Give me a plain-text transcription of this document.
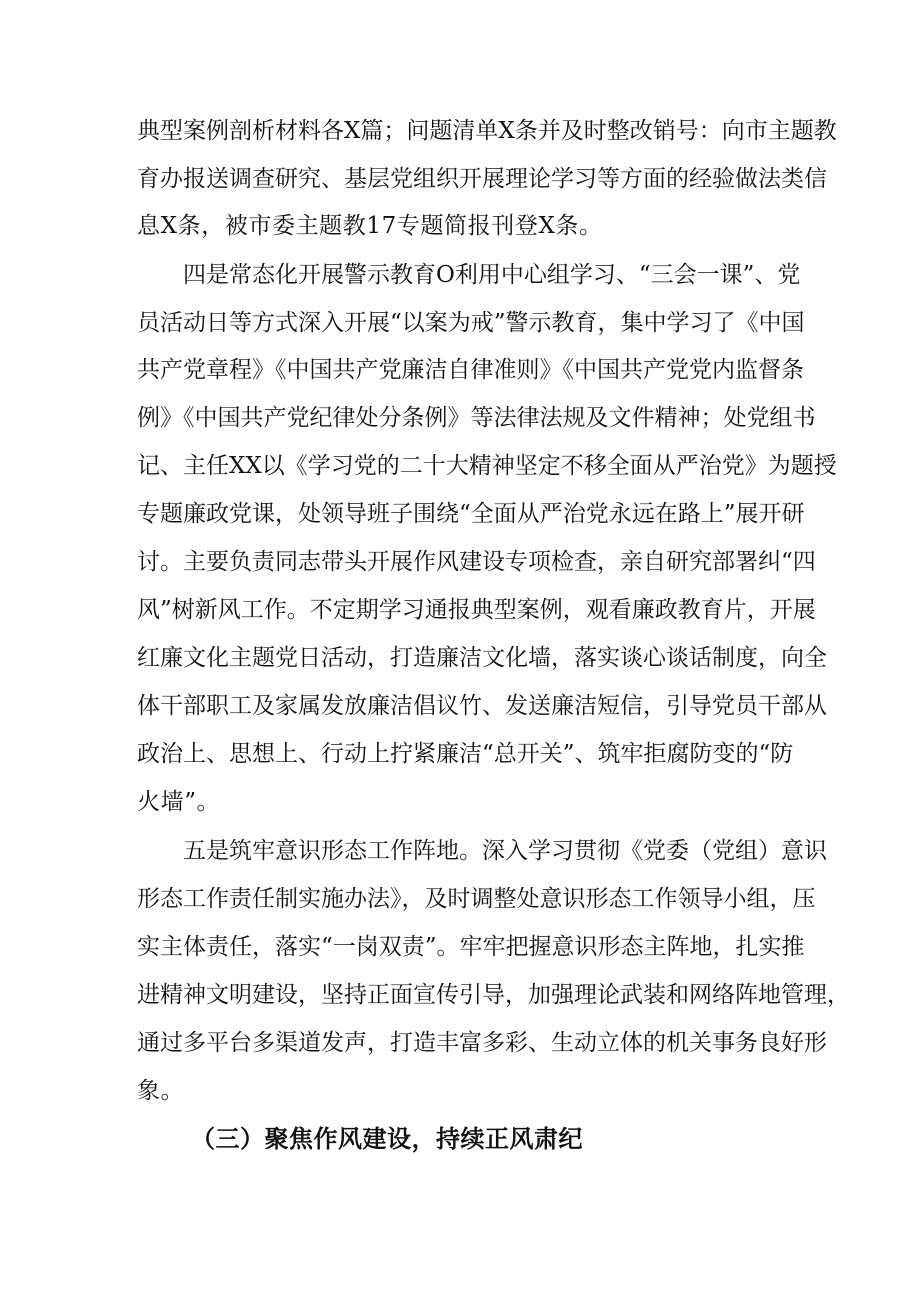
典型案例剖析材料各X篇；问题清单X条并及时整改销号：向市主题教
育办报送调查研究、基层党组织开展理论学习等方面的经验做法类信
息X条，被市委主题教17专题简报刊登X条。
四是常态化开展警示教育O利用中心组学习、“三会一课”、党
员活动日等方式深入开展“以案为戒”警示教育，集中学习了《中国
共产党章程》《中国共产党廉洁自律准则》《中国共产党党内监督条
例》《中国共产党纪律处分条例》等法律法规及文件精神；处党组书
记、主任XX以《学习党的二十大精神坚定不移全面从严治党》为题授
专题廉政党课，处领导班子围绕“全面从严治党永远在路上”展开研
讨。主要负责同志带头开展作风建设专项检查，亲自研究部署纠“四
风”树新风工作。不定期学习通报典型案例，观看廉政教育片，开展
红廉文化主题党日活动，打造廉洁文化墙，落实谈心谈话制度，向全
体干部职工及家属发放廉洁倡议竹、发送廉洁短信，引导党员干部从
政治上、思想上、行动上拧紧廉洁“总开关”、筑牢拒腐防变的“防
火墙”。
五是筑牢意识形态工作阵地。深入学习贯彻《党委（党组）意识
形态工作责任制实施办法》，及时调整处意识形态工作领导小组，压
实主体责任，落实“一岗双责”。牢牢把握意识形态主阵地，扎实推
进精神文明建设，坚持正面宣传引导，加强理论武装和网络阵地管理，
通过多平台多渠道发声，打造丰富多彩、生动立体的机关事务良好形
象。
（三）聚焦作风建设，持续正风肃纪
